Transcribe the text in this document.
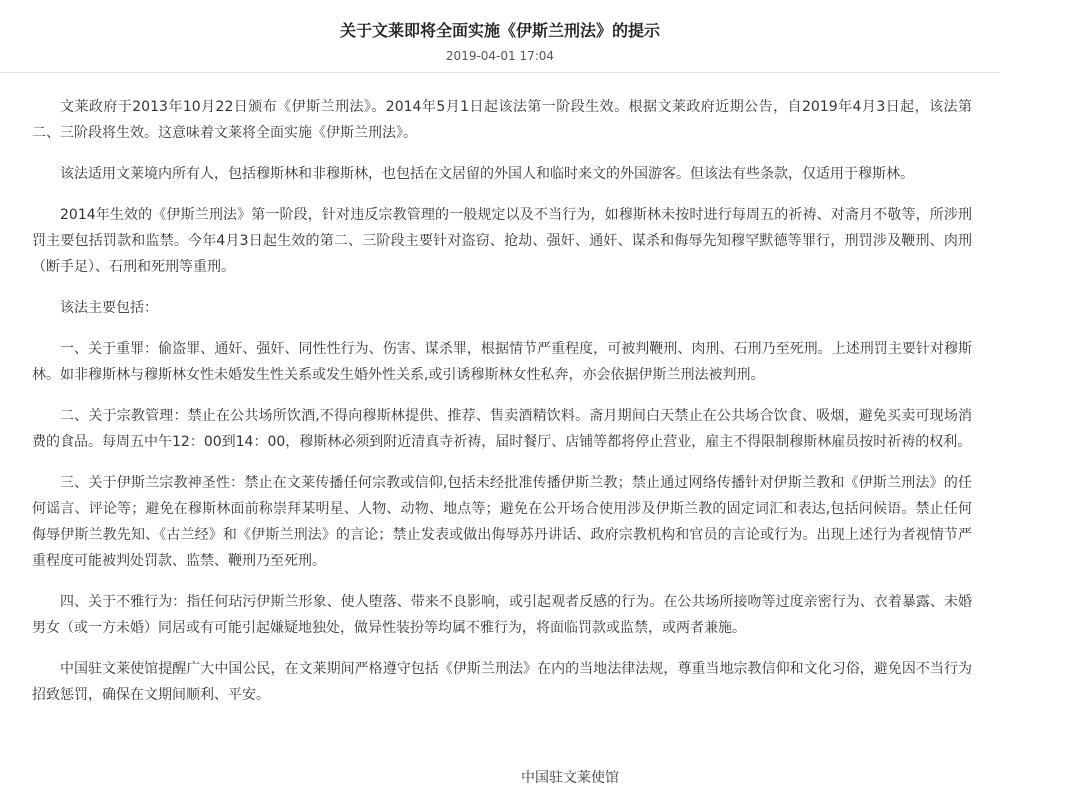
关于文莱即将全面实施《伊斯兰刑法》的提示
2019-04-01 17:04

文莱政府于2013年10月22日颁布《伊斯兰刑法》。2014年5月1日起该法第一阶段生效。根据文莱政府近期公告，自2019年4月3日起，该法第二、三阶段将生效。这意味着文莱将全面实施《伊斯兰刑法》。

该法适用文莱境内所有人，包括穆斯林和非穆斯林，也包括在文居留的外国人和临时来文的外国游客。但该法有些条款，仅适用于穆斯林。

2014年生效的《伊斯兰刑法》第一阶段，针对违反宗教管理的一般规定以及不当行为，如穆斯林未按时进行每周五的祈祷、对斋月不敬等，所涉刑罚主要包括罚款和监禁。今年4月3日起生效的第二、三阶段主要针对盗窃、抢劫、强奸、通奸、谋杀和侮辱先知穆罕默德等罪行，刑罚涉及鞭刑、肉刑（断手足）、石刑和死刑等重刑。

该法主要包括：

一、关于重罪：偷盗罪、通奸、强奸、同性性行为、伤害、谋杀罪，根据情节严重程度，可被判鞭刑、肉刑、石刑乃至死刑。上述刑罚主要针对穆斯林。如非穆斯林与穆斯林女性未婚发生性关系或发生婚外性关系,或引诱穆斯林女性私奔，亦会依据伊斯兰刑法被判刑。

二、关于宗教管理：禁止在公共场所饮酒,不得向穆斯林提供、推荐、售卖酒精饮料。斋月期间白天禁止在公共场合饮食、吸烟，避免买卖可现场消费的食品。每周五中午12：00到14：00，穆斯林必须到附近清真寺祈祷，届时餐厅、店铺等都将停止营业，雇主不得限制穆斯林雇员按时祈祷的权利。

三、关于伊斯兰宗教神圣性：禁止在文莱传播任何宗教或信仰,包括未经批准传播伊斯兰教；禁止通过网络传播针对伊斯兰教和《伊斯兰刑法》的任何谣言、评论等；避免在穆斯林面前称崇拜某明星、人物、动物、地点等；避免在公开场合使用涉及伊斯兰教的固定词汇和表达,包括问候语。禁止任何侮辱伊斯兰教先知、《古兰经》和《伊斯兰刑法》的言论；禁止发表或做出侮辱苏丹讲话、政府宗教机构和官员的言论或行为。出现上述行为者视情节严重程度可能被判处罚款、监禁、鞭刑乃至死刑。

四、关于不雅行为：指任何玷污伊斯兰形象、使人堕落、带来不良影响，或引起观者反感的行为。在公共场所接吻等过度亲密行为、衣着暴露、未婚男女（或一方未婚）同居或有可能引起嫌疑地独处，做异性装扮等均属不雅行为，将面临罚款或监禁，或两者兼施。

中国驻文莱使馆提醒广大中国公民，在文莱期间严格遵守包括《伊斯兰刑法》在内的当地法律法规，尊重当地宗教信仰和文化习俗，避免因不当行为招致惩罚，确保在文期间顺利、平安。

中国驻文莱使馆
